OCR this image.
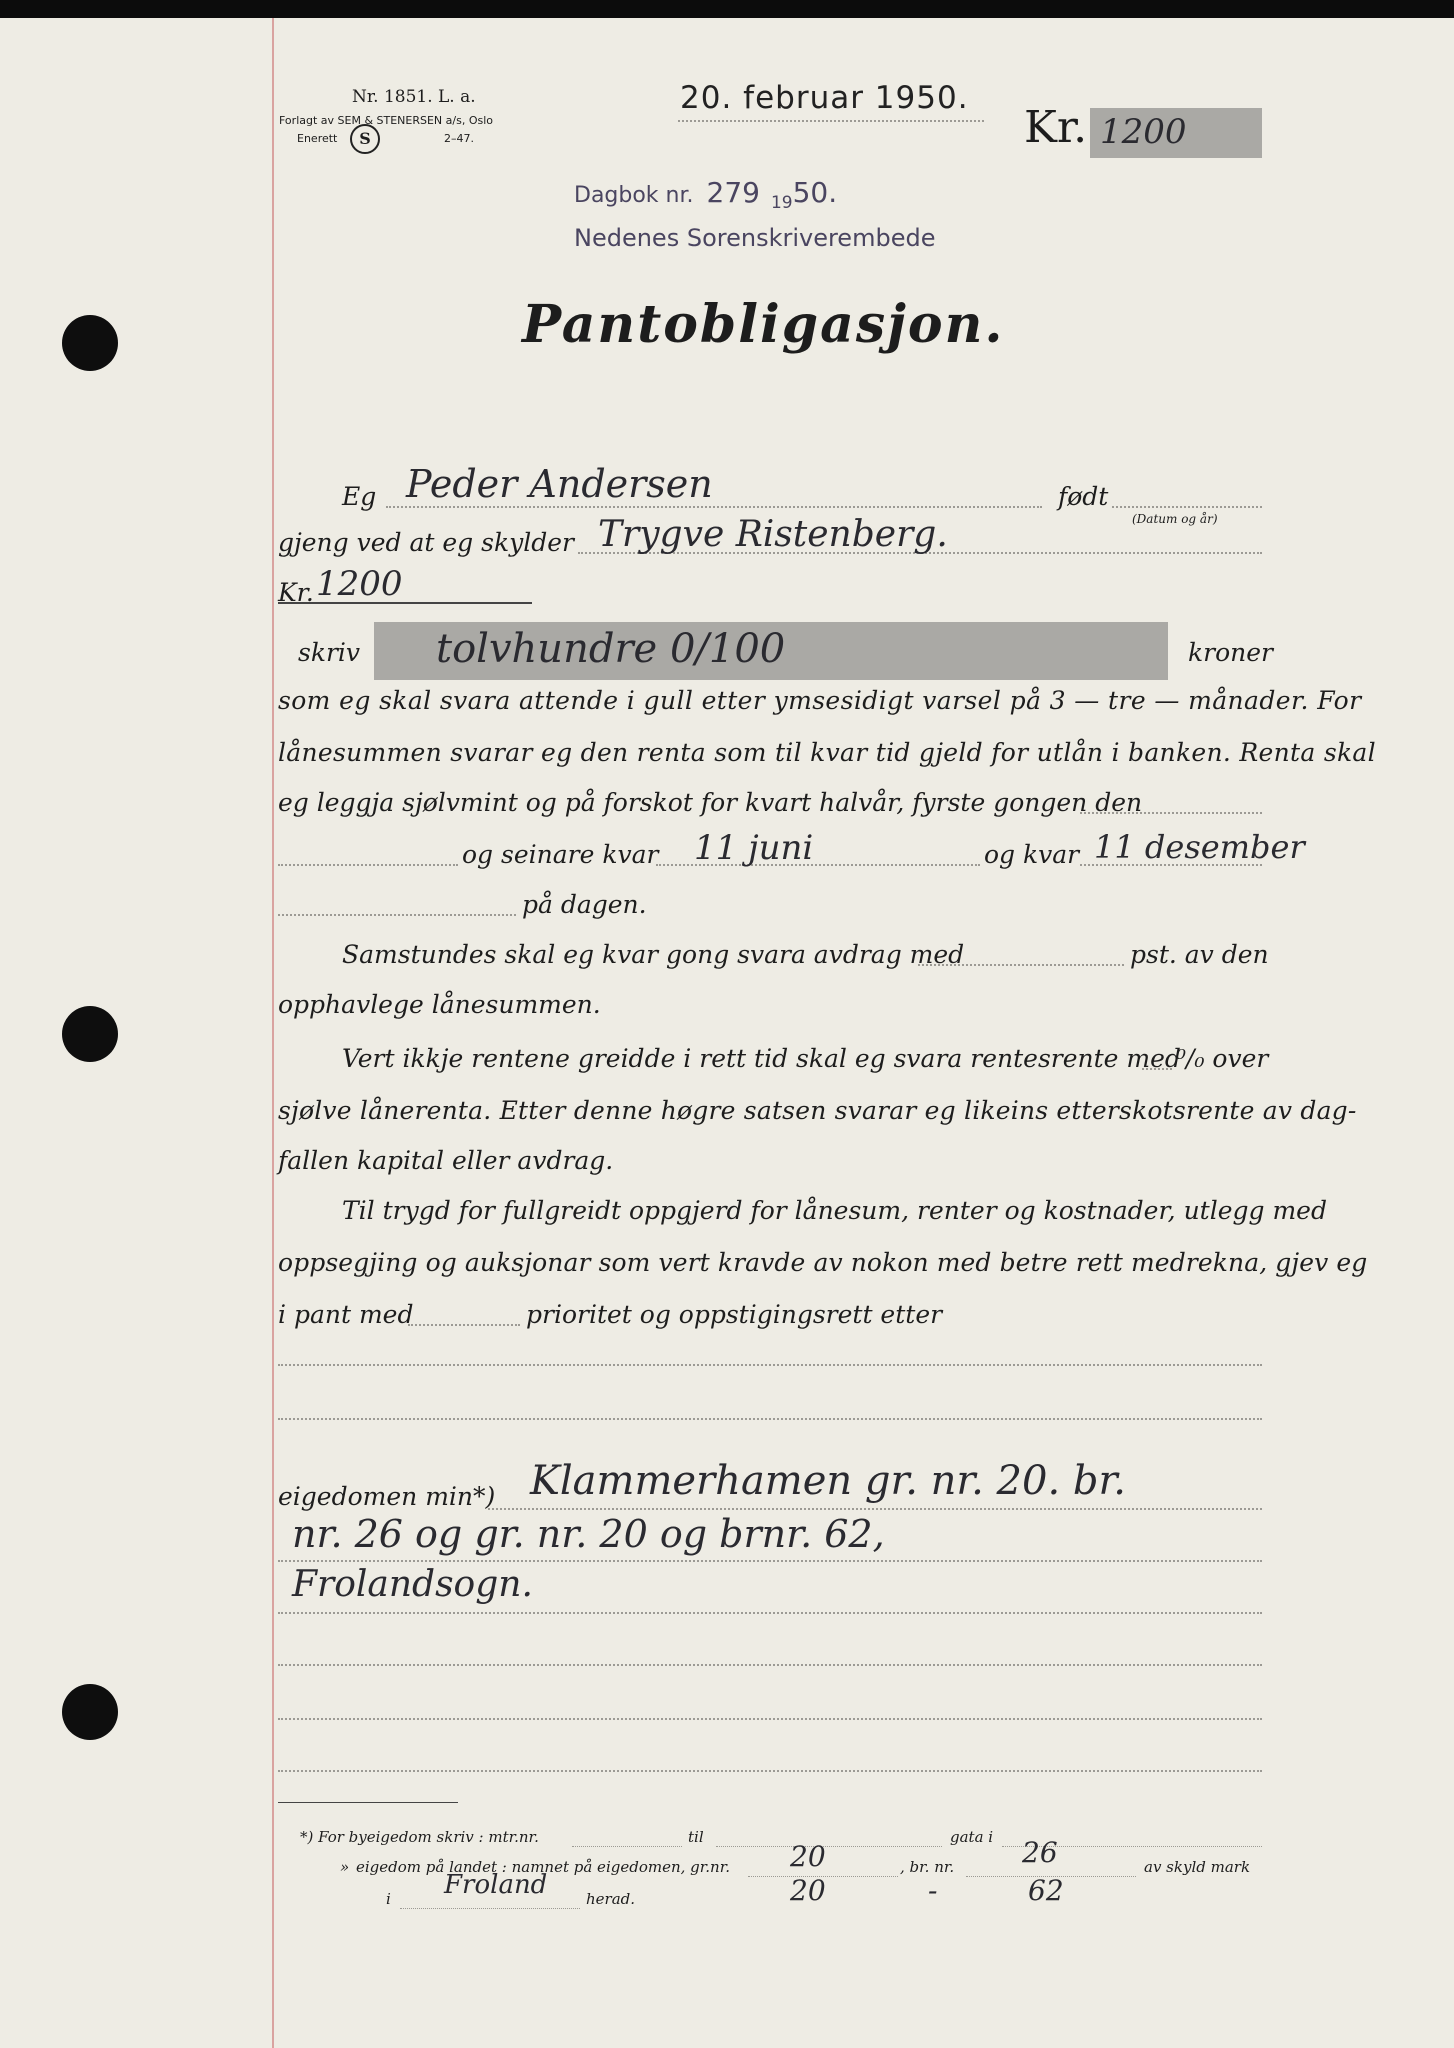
Nr. 1851. L. a.
Forlagt av SEM & STENERSEN a/s, Oslo
Enerett	S	2–47.
20. februar 1950.
Kr. 1200
Dagbok nr. 279 $_{19}$50.
Nedenes Sorenskriverembede
Pantobligasjon.
Eg Peder Andersen	født
(Datum og år)
gjeng ved at eg skylder Trygve Ristenberg.
Kr. 1200
skriv tolvhundre 0/100	kroner
som eg skal svara attende i gull etter ymsesidigt varsel på 3 — tre — månader. For
lånesummen svarar eg den renta som til kvar tid gjeld for utlån i banken. Renta skal
eg leggja sjølvmint og på forskot for kvart halvår, fyrste gongen den
og seinare kvar 11 juni	og kvar 11 desember
på dagen.
Samstundes skal eg kvar gong svara avdrag med	pst. av den
opphavlege lånesummen.
Vert ikkje rentene greidde i rett tid skal eg svara rentesrente med
⁰/₀ over
sjølve lånerenta. Etter denne høgre satsen svarar eg likeins etterskotsrente av dag-
fallen kapital eller avdrag.
Til trygd for fullgreidt oppgjerd for lånesum, renter og kostnader, utlegg med
oppsegjing og auksjonar som vert kravde av nokon med betre rett medrekna, gjev eg
i pant med	prioritet og oppstigingsrett etter
eigedomen min*) Klammerhamen gr. nr. 20. br.
nr. 26 og gr. nr. 20 og brnr. 62,
Frolandsogn.
*) For byeigedom skriv : mtr.nr.	til	gata i
» eigedom på landet : namnet på eigedomen, gr.nr. 20	, br. nr. 26	av skyld mark
i Froland	herad.	20	-	62
